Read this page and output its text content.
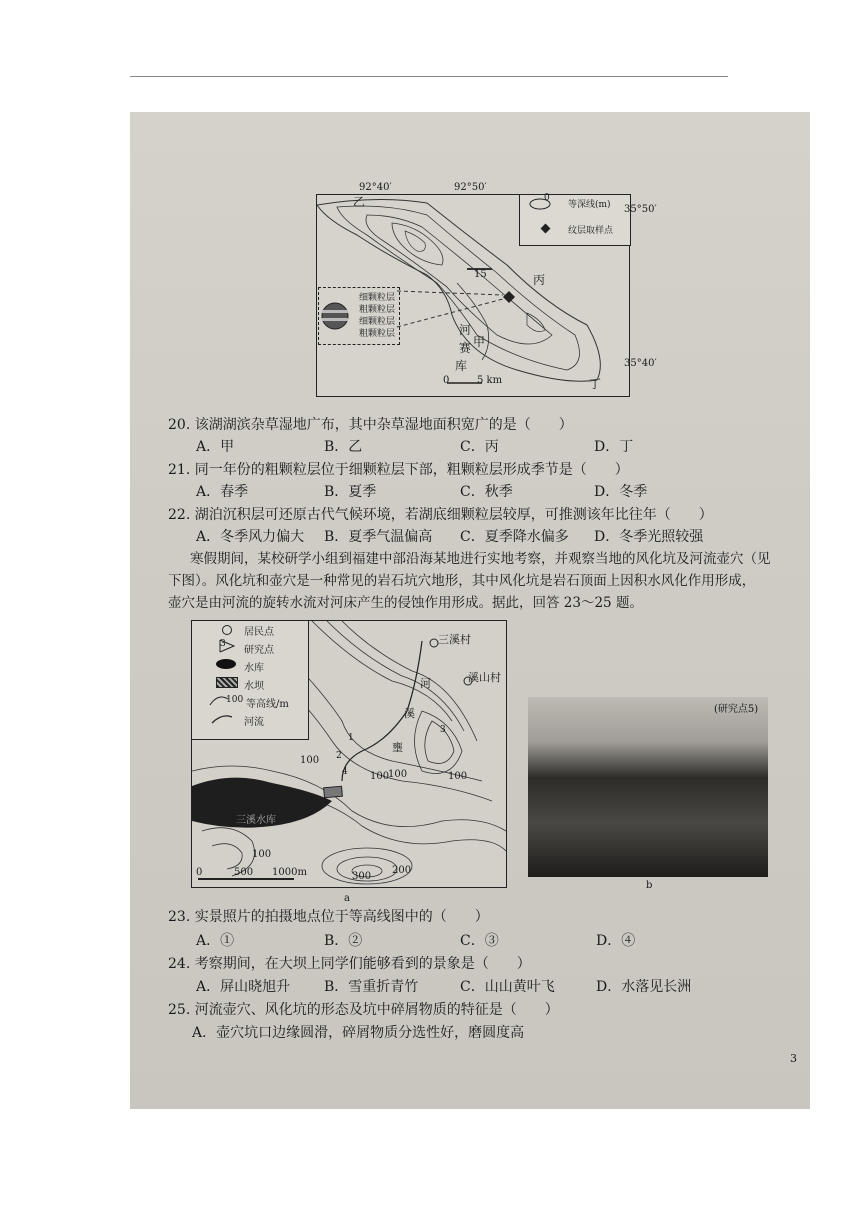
92°40′	92°50′
乙
丙
15
甲
河
赛
库
丁
0	5 km
0
等深线(m)
纹层取样点
细颗粒层
粗颗粒层
细颗粒层
粗颗粒层
35°50′
35°40′
20. 该湖湖滨杂草湿地广布，其中杂草湿地面积宽广的是（　　）
A．甲	B．乙	C．丙	D．丁
21. 同一年份的粗颗粒层位于细颗粒层下部，粗颗粒层形成季节是（　　）
A．春季	B．夏季	C．秋季	D．冬季
22. 湖泊沉积层可还原古代气候环境，若湖底细颗粒层较厚，可推测该年比往年（　　）
A．冬季风力偏大 B．夏季气温偏高 C．夏季降水偏多 D．冬季光照较强

寒假期间，某校研学小组到福建中部沿海某地进行实地考察，并观察当地的风化坑及河流壶穴（见

下图）。风化坑和壶穴是一种常见的岩石坑穴地形，其中风化坑是岩石顶面上因积水风化作用形成，

壶穴是由河流的旋转水流对河床产生的侵蚀作用形成。据此，回答 23～25 题。

居民点
3
研究点
水库
水坝
100 等高线/m
河流
三溪村
溪山村
河
溪
壅
三溪水库
100
100
100	100
200
300
100
1
2
3
4
0	500 1000m
a
(研究点5)
b
23. 实景照片的拍摄地点位于等高线图中的（　　）
A．①	B．②	C．③	D．④
24. 考察期间，在大坝上同学们能够看到的景象是（　　）
A．屏山晓旭升 B．雪重折青竹	C．山山黄叶飞	D．水落见长洲
25. 河流壶穴、风化坑的形态及坑中碎屑物质的特征是（　　）
A．壶穴坑口边缘圆滑，碎屑物质分选性好，磨圆度高
3
